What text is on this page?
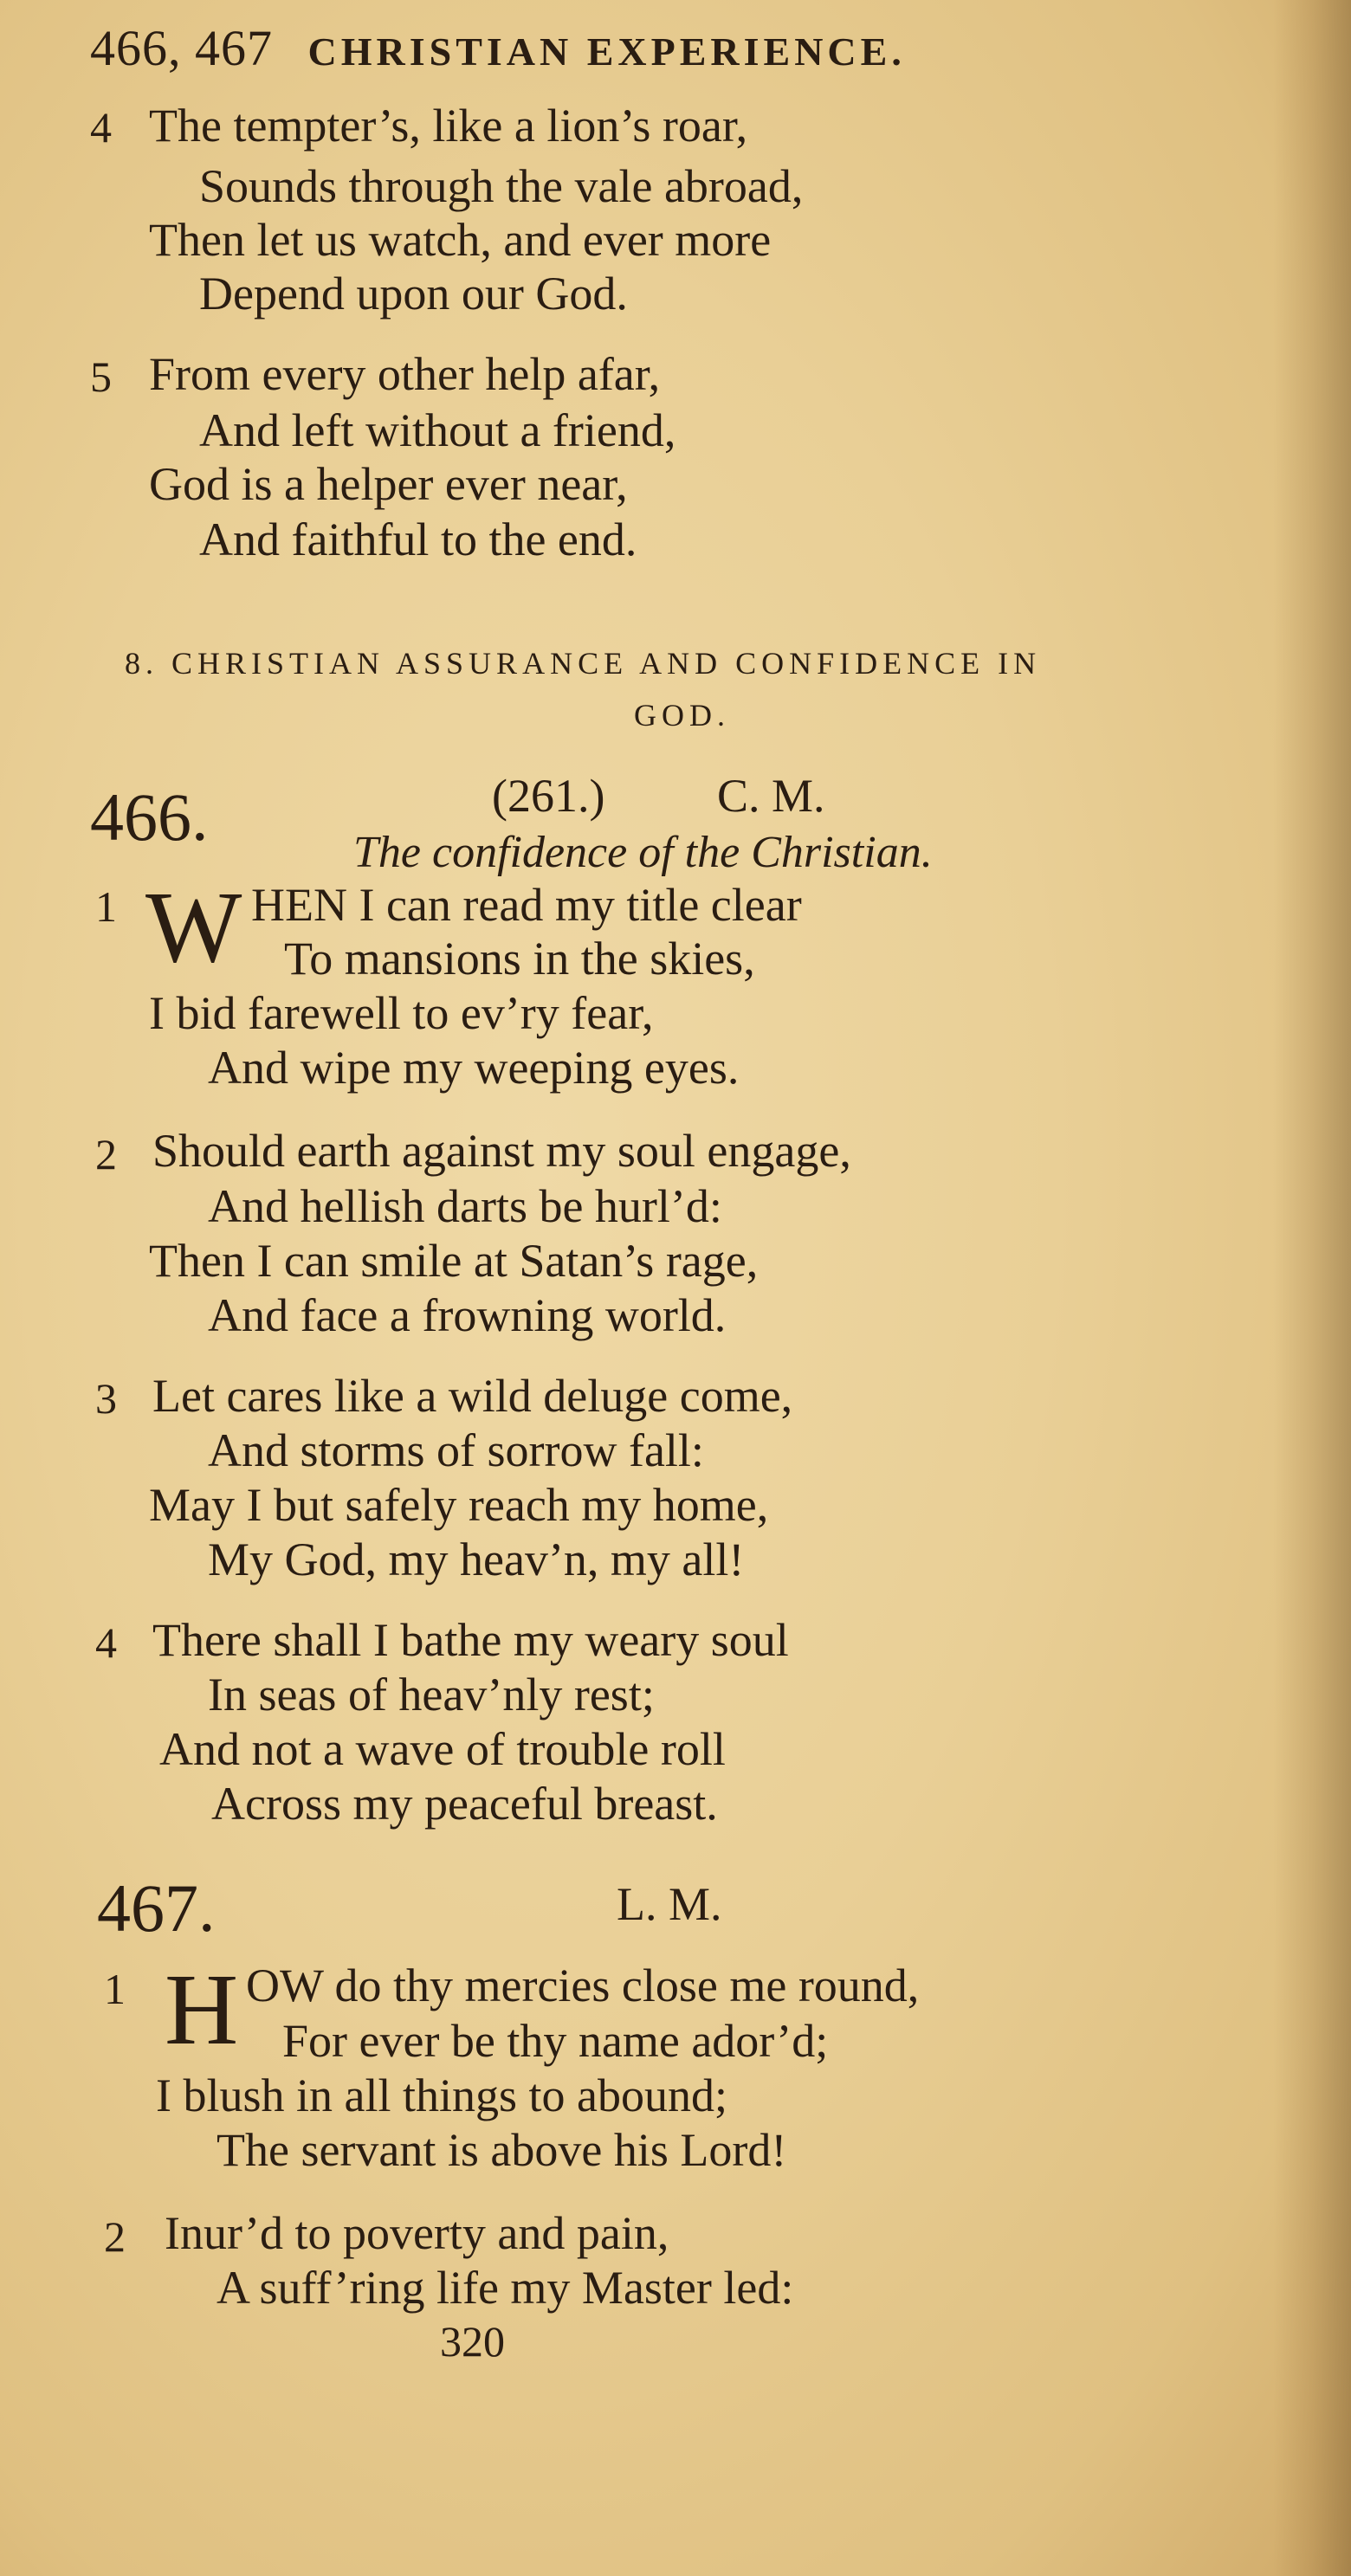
466, 467 CHRISTIAN EXPERIENCE.
4 The tempter’s, like a lion’s roar,
Sounds through the vale abroad,
Then let us watch, and ever more
Depend upon our God.
5 From every other help afar,
And left without a friend,
God is a helper ever near,
And faithful to the end.
8. CHRISTIAN ASSURANCE AND CONFIDENCE IN
GOD.
466.	(261.) C. M.
The confidence of the Christian.
1 W HEN I can read my title clear
To mansions in the skies,
I bid farewell to ev’ry fear,
And wipe my weeping eyes.
2 Should earth against my soul engage,
And hellish darts be hurl’d:
Then I can smile at Satan’s rage,
And face a frowning world.
3 Let cares like a wild deluge come,
And storms of sorrow fall:
May I but safely reach my home,
My God, my heav’n, my all!
4 There shall I bathe my weary soul
In seas of heav’nly rest;
And not a wave of trouble roll
Across my peaceful breast.
467.	L. M.
1 H OW do thy mercies close me round,
For ever be thy name ador’d;
I blush in all things to abound;
The servant is above his Lord!
2 Inur’d to poverty and pain,
A suff’ring life my Master led:
320
